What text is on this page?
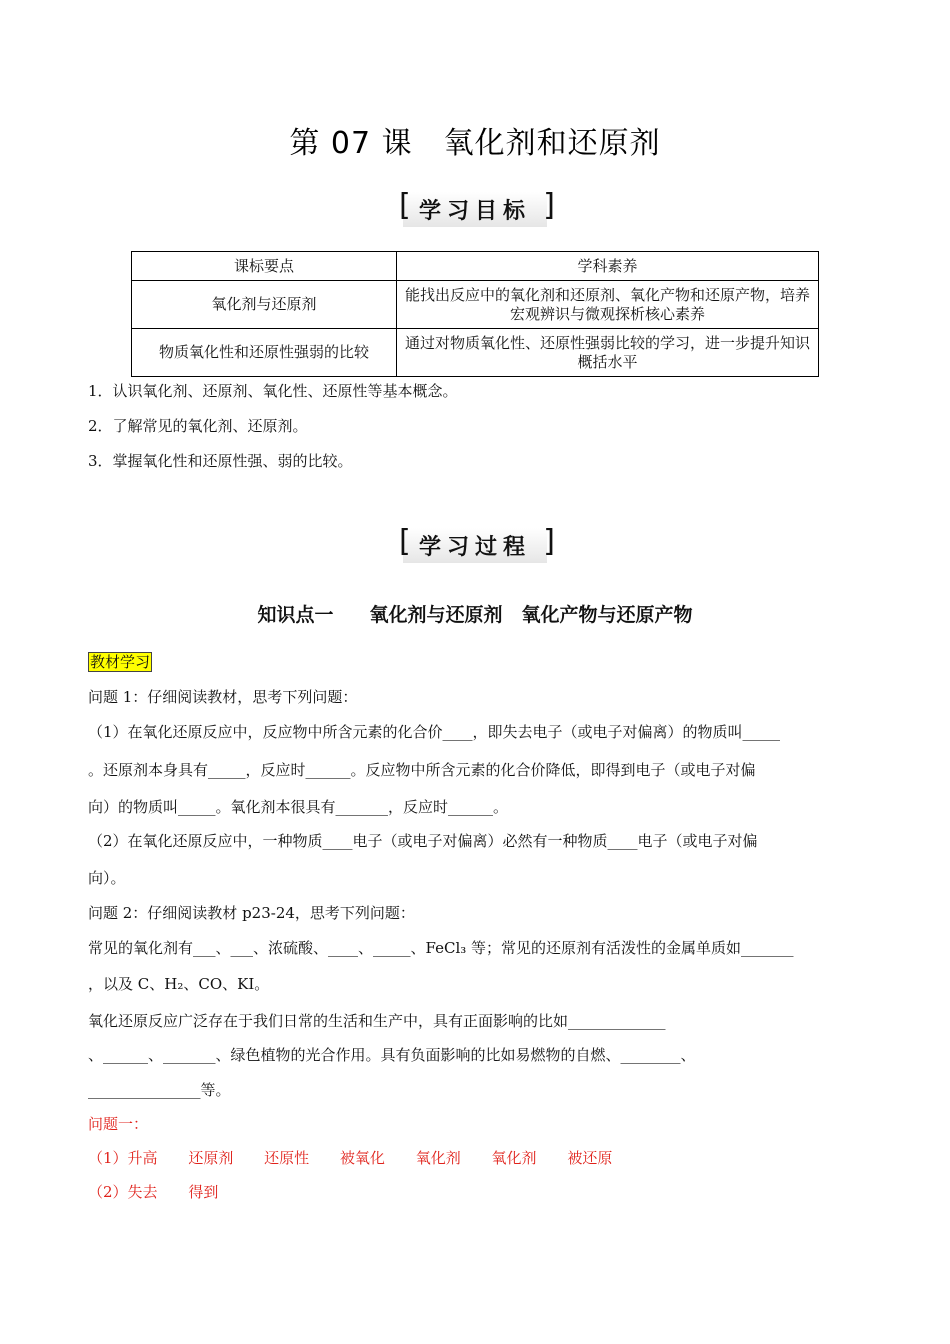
第 07 课　氧化剂和还原剂
[ 学习目标 ]
课标要点	学科素养
氧化剂与还原剂	能找出反应中的氧化剂和还原剂、氧化产物和还原产物，培养宏观辨识与微观探析核心素养
物质氧化性和还原性强弱的比较	通过对物质氧化性、还原性强弱比较的学习，进一步提升知识概括水平
1．认识氧化剂、还原剂、氧化性、还原性等基本概念。
2．了解常见的氧化剂、还原剂。
3．掌握氧化性和还原性强、弱的比较。
[ 学习过程 ]
知识点一 氧化剂与还原剂　氧化产物与还原产物
教材学习
问题 1：仔细阅读教材，思考下列问题：
（1）在氧化还原反应中，反应物中所含元素的化合价____，即失去电子（或电子对偏离）的物质叫_____
。还原剂本身具有_____，反应时______。反应物中所含元素的化合价降低，即得到电子（或电子对偏
向）的物质叫_____。氧化剂本很具有_______，反应时______。
（2）在氧化还原反应中，一种物质____电子（或电子对偏离）必然有一种物质____电子（或电子对偏
向）。
问题 2：仔细阅读教材 p23-24，思考下列问题：
常见的氧化剂有___、___、浓硫酸、____、_____、FeCl₃ 等；常见的还原剂有活泼性的金属单质如_______
，以及 C、H₂、CO、KI。
氧化还原反应广泛存在于我们日常的生活和生产中，具有正面影响的比如_____________
、______、_______、绿色植物的光合作用。具有负面影响的比如易燃物的自燃、________、
_______________等。
问题一：
（1）升高 还原剂 还原性 被氧化 氧化剂 氧化剂 被还原
（2）失去 得到
